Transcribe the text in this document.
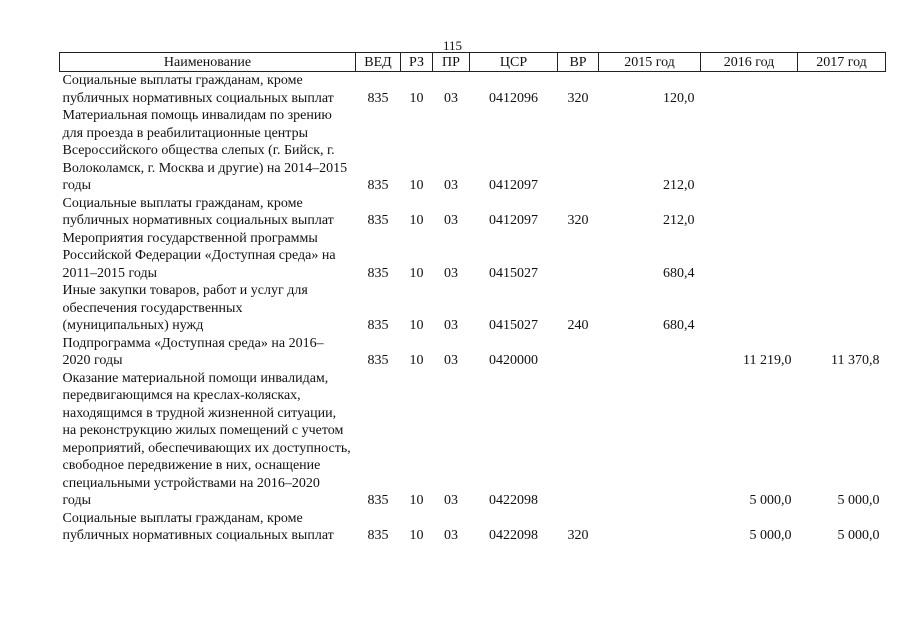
115
Наименование	ВЕД	РЗ	ПР	ЦСР	ВР	2015 год	2016 год	2017 год
Социальные выплаты гражданам, кроме публичных нормативных социальных выплат	835	10	03	0412096	320	120,0		
Материальная помощь инвалидам по зрению для проезда в реабилитационные центры Всероссийского общества слепых (г. Бийск, г. Волоколамск, г. Москва и другие) на 2014–2015 годы	835	10	03	0412097		212,0		
Социальные выплаты гражданам, кроме публичных нормативных социальных выплат	835	10	03	0412097	320	212,0		
Мероприятия государственной программы Российской Федерации «Доступная среда» на 2011–2015 годы	835	10	03	0415027		680,4		
Иные закупки товаров, работ и услуг для обеспечения государственных (муниципальных) нужд	835	10	03	0415027	240	680,4		
Подпрограмма «Доступная среда» на 2016–2020 годы	835	10	03	0420000			11 219,0	11 370,8
Оказание материальной помощи инвалидам, передвигающимся на креслах-колясках, находящимся в трудной жизненной ситуации, на реконструкцию жилых помещений с учетом мероприятий, обеспечивающих их доступность, свободное передвижение в них, оснащение специальными устройствами на 2016–2020 годы	835	10	03	0422098			5 000,0	5 000,0
Социальные выплаты гражданам, кроме публичных нормативных социальных выплат	835	10	03	0422098	320		5 000,0	5 000,0
